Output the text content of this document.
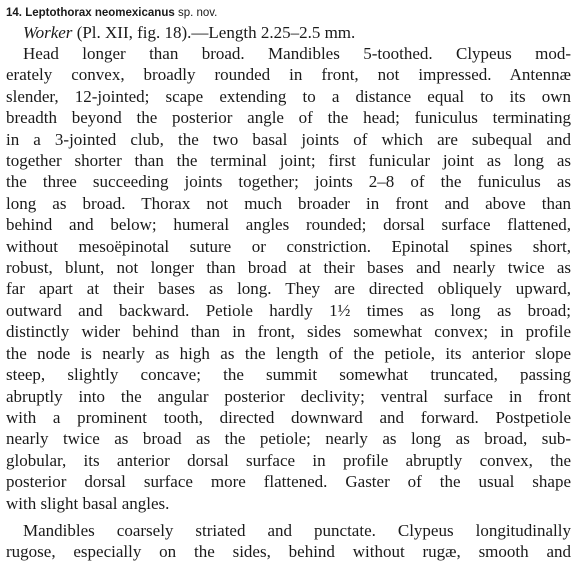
14. Leptothorax neomexicanus sp. nov.

Worker (Pl. XII, fig. 18).—Length 2.25–2.5 mm.

Head longer than broad. Mandibles 5-toothed. Clypeus mod-
erately convex, broadly rounded in front, not impressed. Antennæ
slender, 12-jointed; scape extending to a distance equal to its own
breadth beyond the posterior angle of the head; funiculus terminating
in a 3-jointed club, the two basal joints of which are subequal and
together shorter than the terminal joint; first funicular joint as long as
the three succeeding joints together; joints 2–8 of the funiculus as
long as broad. Thorax not much broader in front and above than
behind and below; humeral angles rounded; dorsal surface flattened,
without mesoëpinotal suture or constriction. Epinotal spines short,
robust, blunt, not longer than broad at their bases and nearly twice as
far apart at their bases as long. They are directed obliquely upward,
outward and backward. Petiole hardly 1½ times as long as broad;
distinctly wider behind than in front, sides somewhat convex; in profile
the node is nearly as high as the length of the petiole, its anterior slope
steep, slightly concave; the summit somewhat truncated, passing
abruptly into the angular posterior declivity; ventral surface in front
with a prominent tooth, directed downward and forward. Postpetiole
nearly twice as broad as the petiole; nearly as long as broad, sub-
globular, its anterior dorsal surface in profile abruptly convex, the
posterior dorsal surface more flattened. Gaster of the usual shape
with slight basal angles.
Mandibles coarsely striated and punctate. Clypeus longitudinally
rugose, especially on the sides, behind without rugæ, smooth and
